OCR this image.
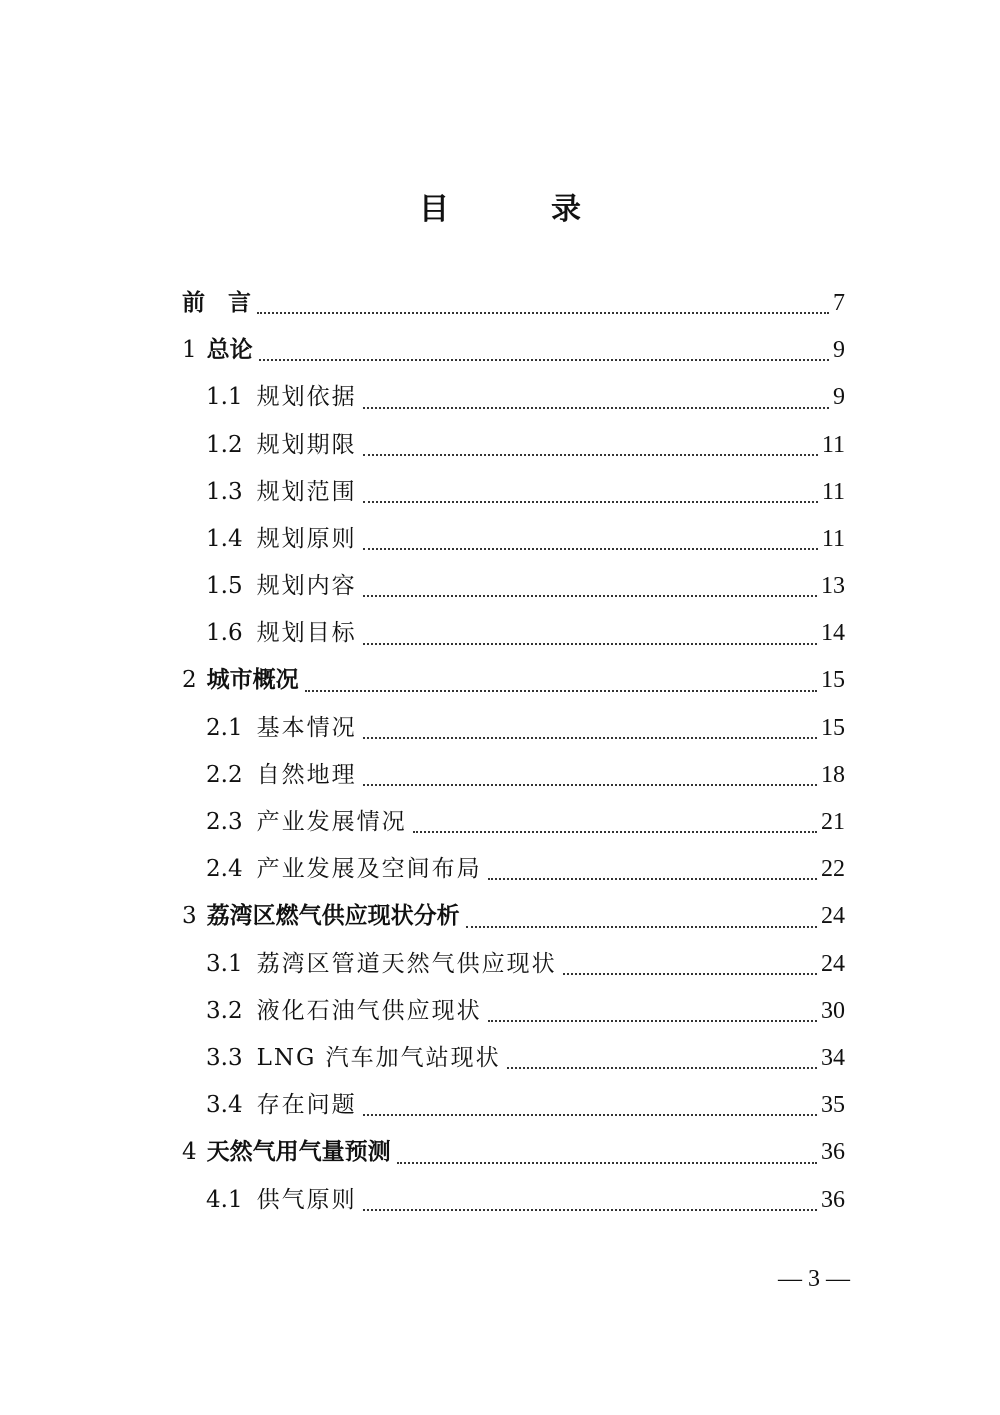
目　录
前　言	7
1 总论	9
1.1 规划依据	9
1.2 规划期限	11
1.3 规划范围	11
1.4 规划原则	11
1.5 规划内容	13
1.6 规划目标	14
2 城市概况	15
2.1 基本情况	15
2.2 自然地理	18
2.3 产业发展情况	21
2.4 产业发展及空间布局	22
3 荔湾区燃气供应现状分析	24
3.1 荔湾区管道天然气供应现状	24
3.2 液化石油气供应现状	30
3.3 LNG 汽车加气站现状	34
3.4 存在问题	35
4 天然气用气量预测	36
4.1 供气原则	36
— 3 —
